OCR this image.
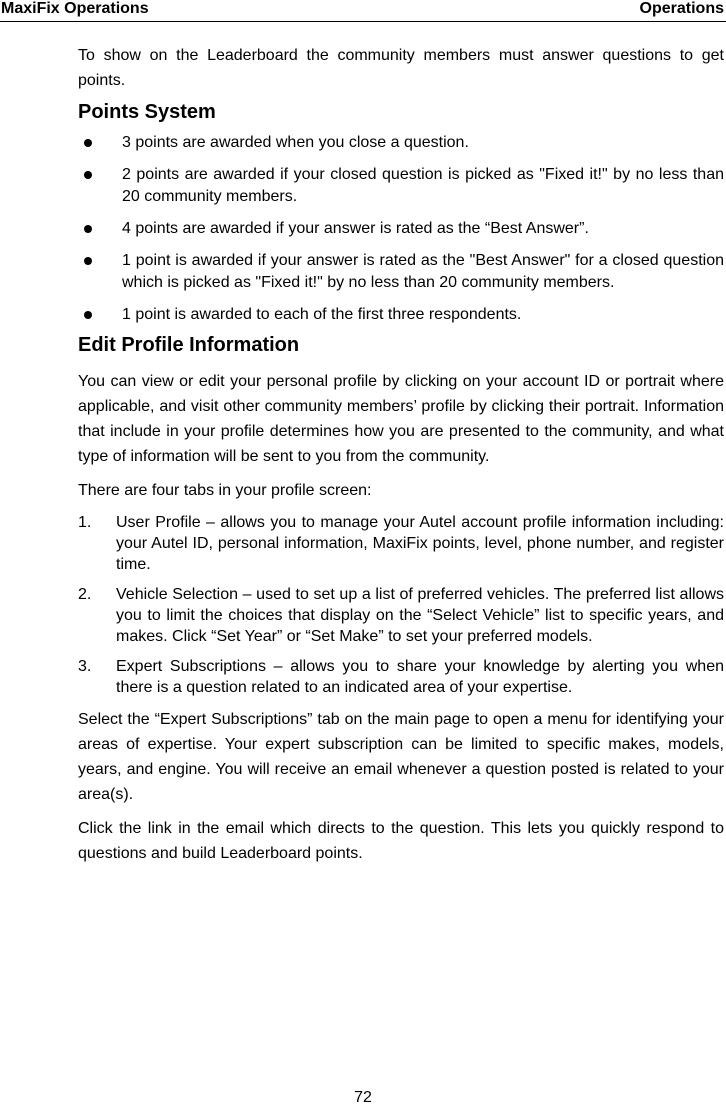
MaxiFix Operations	Operations

To show on the Leaderboard the community members must answer questions to get points.

Points System

3 points are awarded when you close a question.

2 points are awarded if your closed question is picked as "Fixed it!" by no less than 20 community members.

4 points are awarded if your answer is rated as the “Best Answer”.

1 point is awarded if your answer is rated as the "Best Answer" for a closed question which is picked as "Fixed it!" by no less than 20 community members.

1 point is awarded to each of the first three respondents.

Edit Profile Information

You can view or edit your personal profile by clicking on your account ID or portrait where applicable, and visit other community members’ profile by clicking their portrait. Information that include in your profile determines how you are presented to the community, and what type of information will be sent to you from the community.

There are four tabs in your profile screen:

1. User Profile – allows you to manage your Autel account profile information including: your Autel ID, personal information, MaxiFix points, level, phone number, and register time.

2. Vehicle Selection – used to set up a list of preferred vehicles. The preferred list allows you to limit the choices that display on the “Select Vehicle” list to specific years, and makes. Click “Set Year” or “Set Make” to set your preferred models.

3. Expert Subscriptions – allows you to share your knowledge by alerting you when there is a question related to an indicated area of your expertise.

Select the “Expert Subscriptions” tab on the main page to open a menu for identifying your areas of expertise. Your expert subscription can be limited to specific makes, models, years, and engine. You will receive an email whenever a question posted is related to your area(s).

Click the link in the email which directs to the question. This lets you quickly respond to questions and build Leaderboard points.

72
